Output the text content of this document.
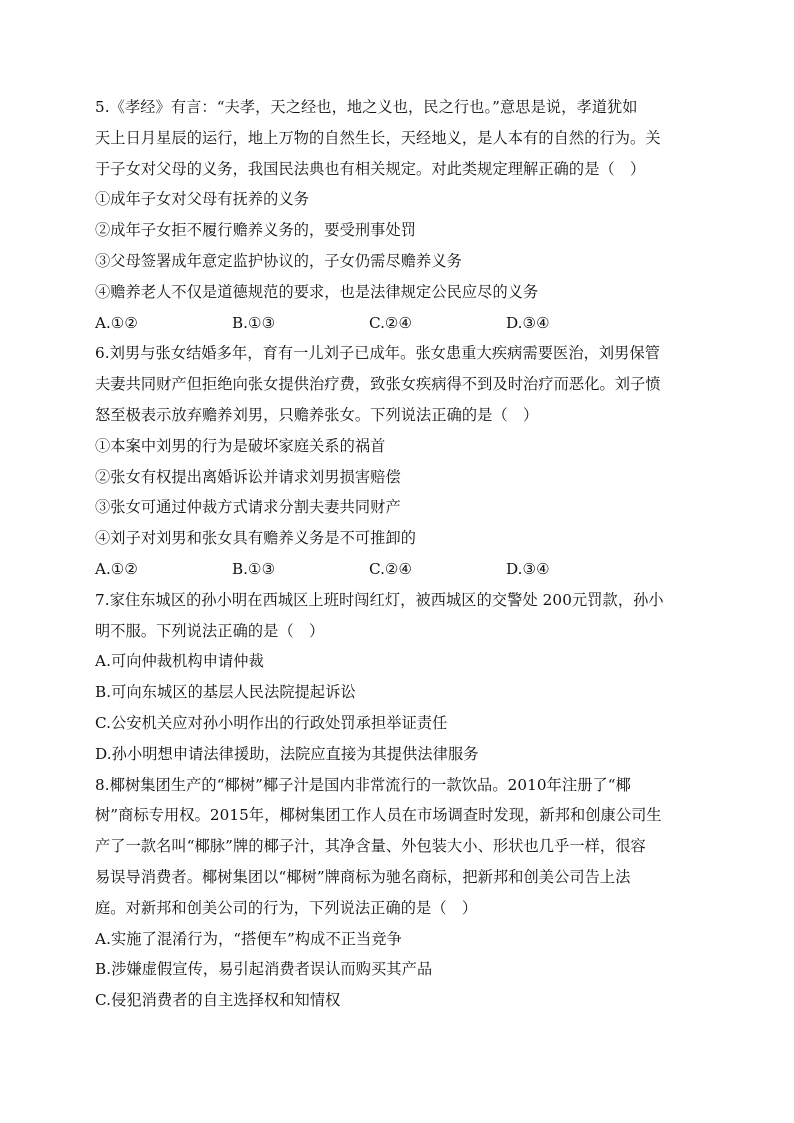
5.《孝经》有言：“夫孝，天之经也，地之义也，民之行也。”意思是说，孝道犹如
天上日月星辰的运行，地上万物的自然生长，天经地义，是人本有的自然的行为。关
于子女对父母的义务，我国民法典也有相关规定。对此类规定理解正确的是（　）
①成年子女对父母有抚养的义务
②成年子女拒不履行赡养义务的，要受刑事处罚
③父母签署成年意定监护协议的，子女仍需尽赡养义务
④赡养老人不仅是道德规范的要求，也是法律规定公民应尽的义务
A.①②	B.①③	C.②④	D.③④
6.刘男与张女结婚多年，育有一儿刘子已成年。张女患重大疾病需要医治，刘男保管
夫妻共同财产但拒绝向张女提供治疗费，致张女疾病得不到及时治疗而恶化。刘子愤
怒至极表示放弃赡养刘男，只赡养张女。下列说法正确的是（　）
①本案中刘男的行为是破坏家庭关系的祸首
②张女有权提出离婚诉讼并请求刘男损害赔偿
③张女可通过仲裁方式请求分割夫妻共同财产
④刘子对刘男和张女具有赡养义务是不可推卸的
A.①②	B.①③	C.②④	D.③④
7.家住东城区的孙小明在西城区上班时闯红灯，被西城区的交警处 200元罚款，孙小
明不服。下列说法正确的是（　）
A.可向仲裁机构申请仲裁
B.可向东城区的基层人民法院提起诉讼
C.公安机关应对孙小明作出的行政处罚承担举证责任
D.孙小明想申请法律援助，法院应直接为其提供法律服务
8.椰树集团生产的“椰树”椰子汁是国内非常流行的一款饮品。2010年注册了“椰
树”商标专用权。2015年，椰树集团工作人员在市场调查时发现，新邦和创康公司生
产了一款名叫“椰脉”牌的椰子汁，其净含量、外包装大小、形状也几乎一样，很容
易误导消费者。椰树集团以“椰树”牌商标为驰名商标，把新邦和创美公司告上法
庭。对新邦和创美公司的行为，下列说法正确的是（　）
A.实施了混淆行为，“搭便车”构成不正当竞争
B.涉嫌虚假宣传，易引起消费者误认而购买其产品
C.侵犯消费者的自主选择权和知情权
